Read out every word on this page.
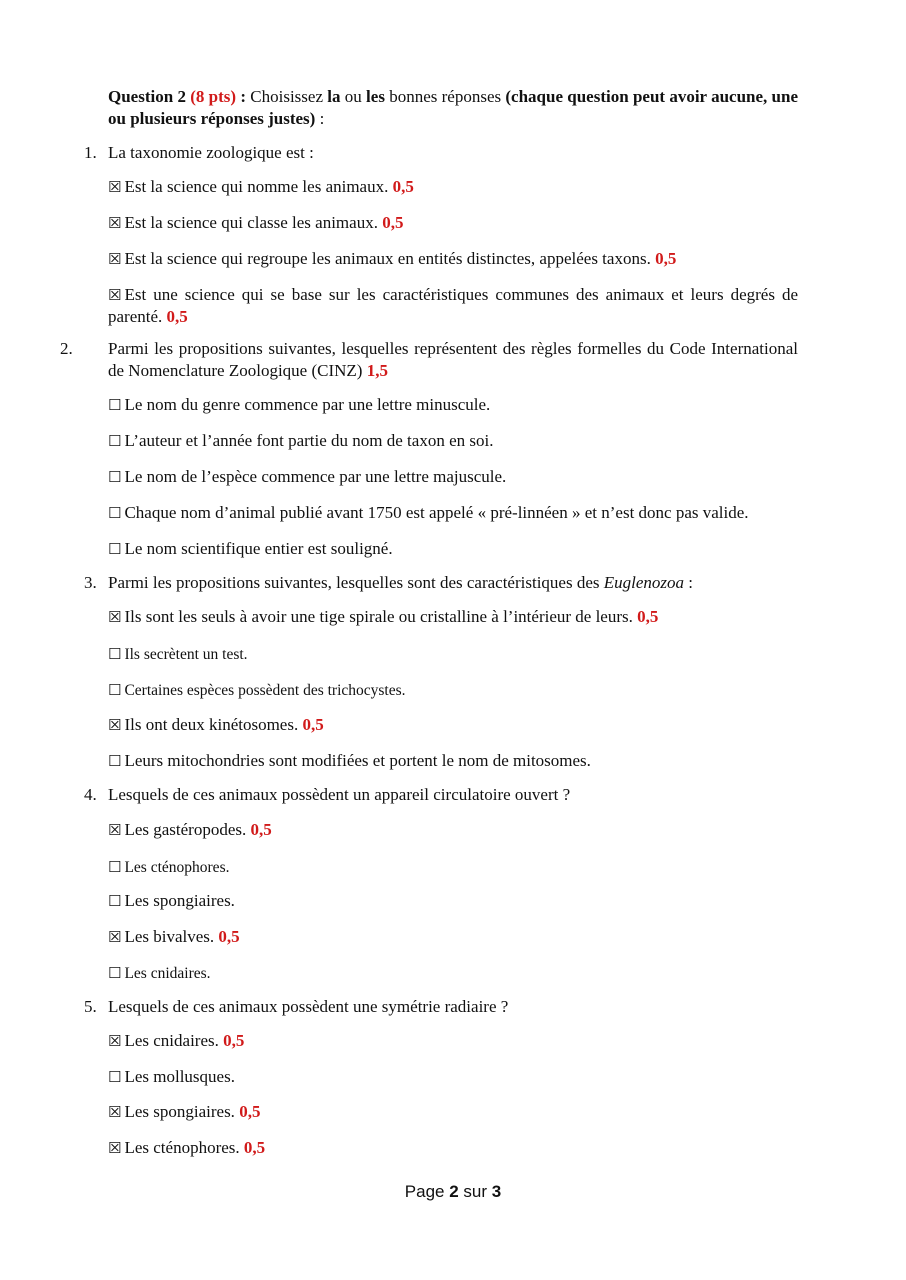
Question 2 (8 pts) : Choisissez la ou les bonnes réponses (chaque question peut avoir aucune, une ou plusieurs réponses justes) :
1. La taxonomie zoologique est :
☒ Est la science qui nomme les animaux. 0,5
☒ Est la science qui classe les animaux. 0,5
☒ Est la science qui regroupe les animaux en entités distinctes, appelées taxons. 0,5
☒ Est une science qui se base sur les caractéristiques communes des animaux et leurs degrés de parenté. 0,5
2. Parmi les propositions suivantes, lesquelles représentent des règles formelles du Code International de Nomenclature Zoologique (CINZ) 1,5
☐ Le nom du genre commence par une lettre minuscule.
☐ L’auteur et l’année font partie du nom de taxon en soi.
☐ Le nom de l’espèce commence par une lettre majuscule.
☐ Chaque nom d’animal publié avant 1750 est appelé « pré-linnéen » et n’est donc pas valide.
☐ Le nom scientifique entier est souligné.
3. Parmi les propositions suivantes, lesquelles sont des caractéristiques des Euglenozoa :
☒ Ils sont les seuls à avoir une tige spirale ou cristalline à l’intérieur de leurs. 0,5
☐ Ils secrètent un test.
☐ Certaines espèces possèdent des trichocystes.
☒ Ils ont deux kinétosomes. 0,5
☐ Leurs mitochondries sont modifiées et portent le nom de mitosomes.
4. Lesquels de ces animaux possèdent un appareil circulatoire ouvert ?
☒ Les gastéropodes. 0,5
☐ Les cténophores.
☐ Les spongiaires.
☒ Les bivalves. 0,5
☐ Les cnidaires.
5. Lesquels de ces animaux possèdent une symétrie radiaire ?
☒ Les cnidaires. 0,5
☐ Les mollusques.
☒ Les spongiaires. 0,5
☒ Les cténophores. 0,5
Page 2 sur 3
